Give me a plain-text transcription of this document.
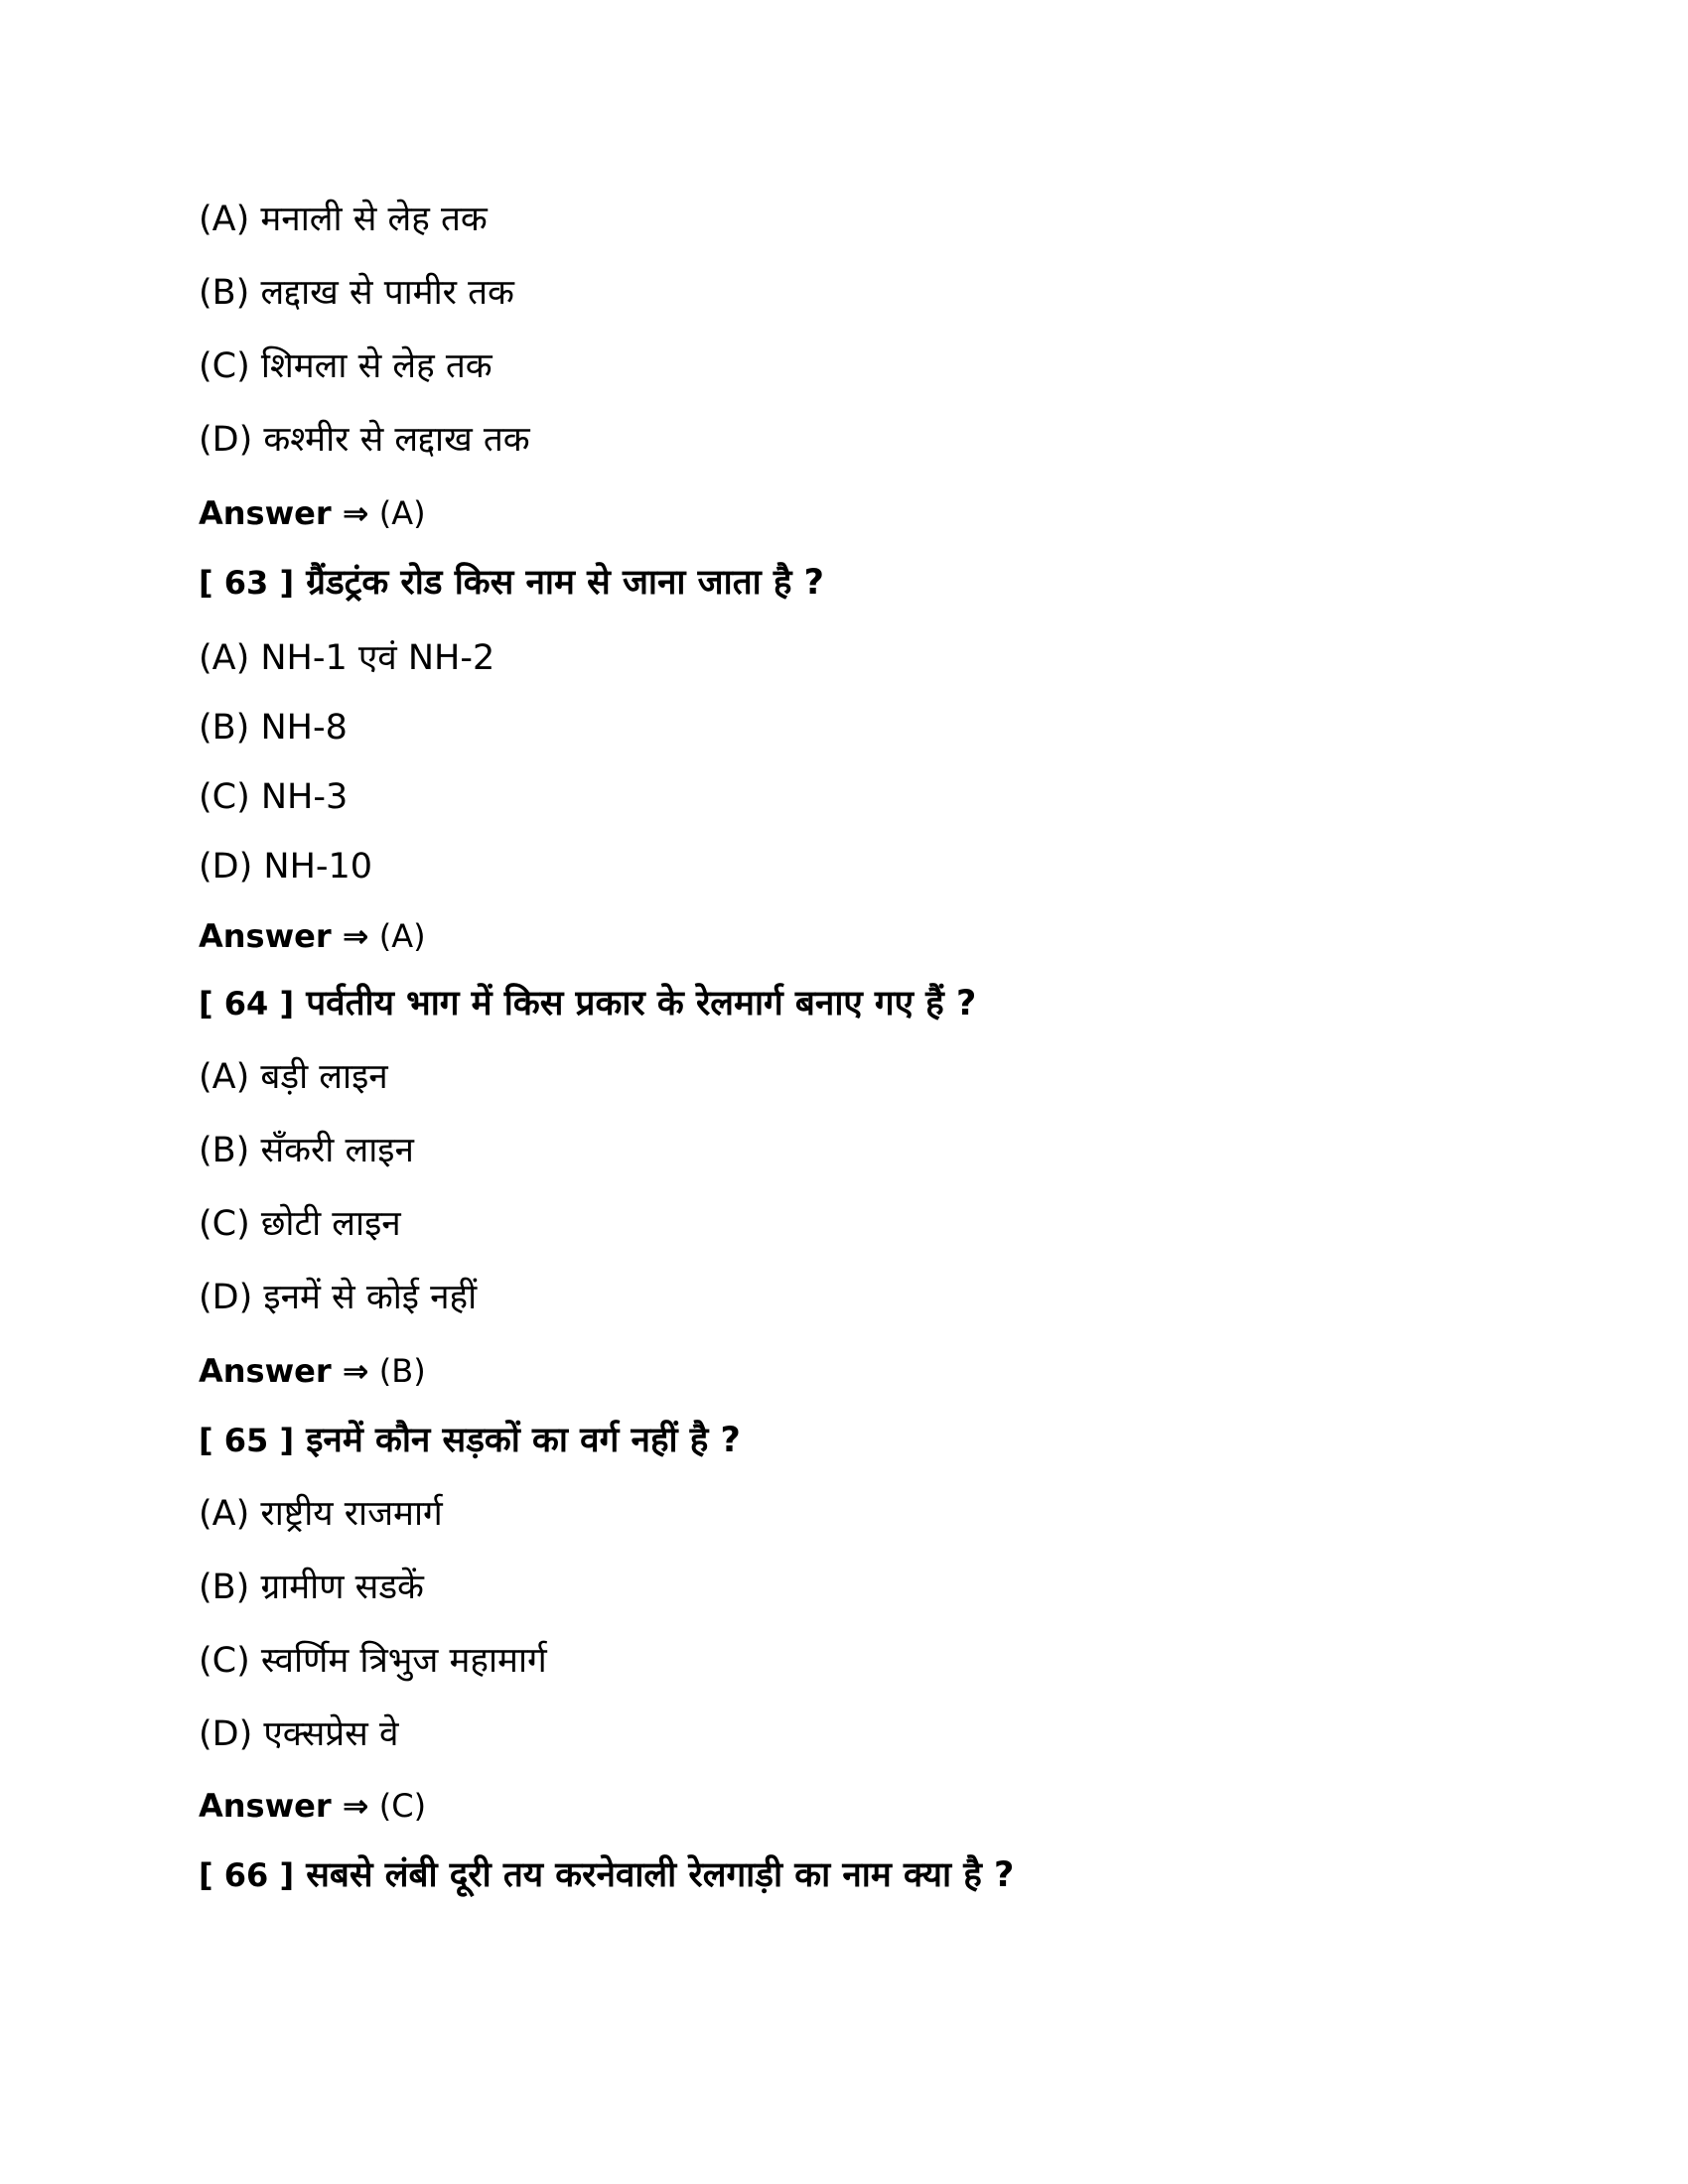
(A) मनाली से लेह तक
(B) लद्दाख से पामीर तक
(C) शिमला से लेह तक
(D) कश्मीर से लद्दाख तक
Answer ⇒ (A)
[ 63 ] ग्रैंडट्रंक रोड किस नाम से जाना जाता है ?
(A) NH-1 एवं NH-2
(B) NH-8
(C) NH-3
(D) NH-10
Answer ⇒ (A)
[ 64 ] पर्वतीय भाग में किस प्रकार के रेलमार्ग बनाए गए हैं ?
(A) बड़ी लाइन
(B) सँकरी लाइन
(C) छोटी लाइन
(D) इनमें से कोई नहीं
Answer ⇒ (B)
[ 65 ] इनमें कौन सड़कों का वर्ग नहीं है ?
(A) राष्ट्रीय राजमार्ग
(B) ग्रामीण सडकें
(C) स्वर्णिम त्रिभुज महामार्ग
(D) एक्सप्रेस वे
Answer ⇒ (C)
[ 66 ] सबसे लंबी दूरी तय करनेवाली रेलगाड़ी का नाम क्या है ?
